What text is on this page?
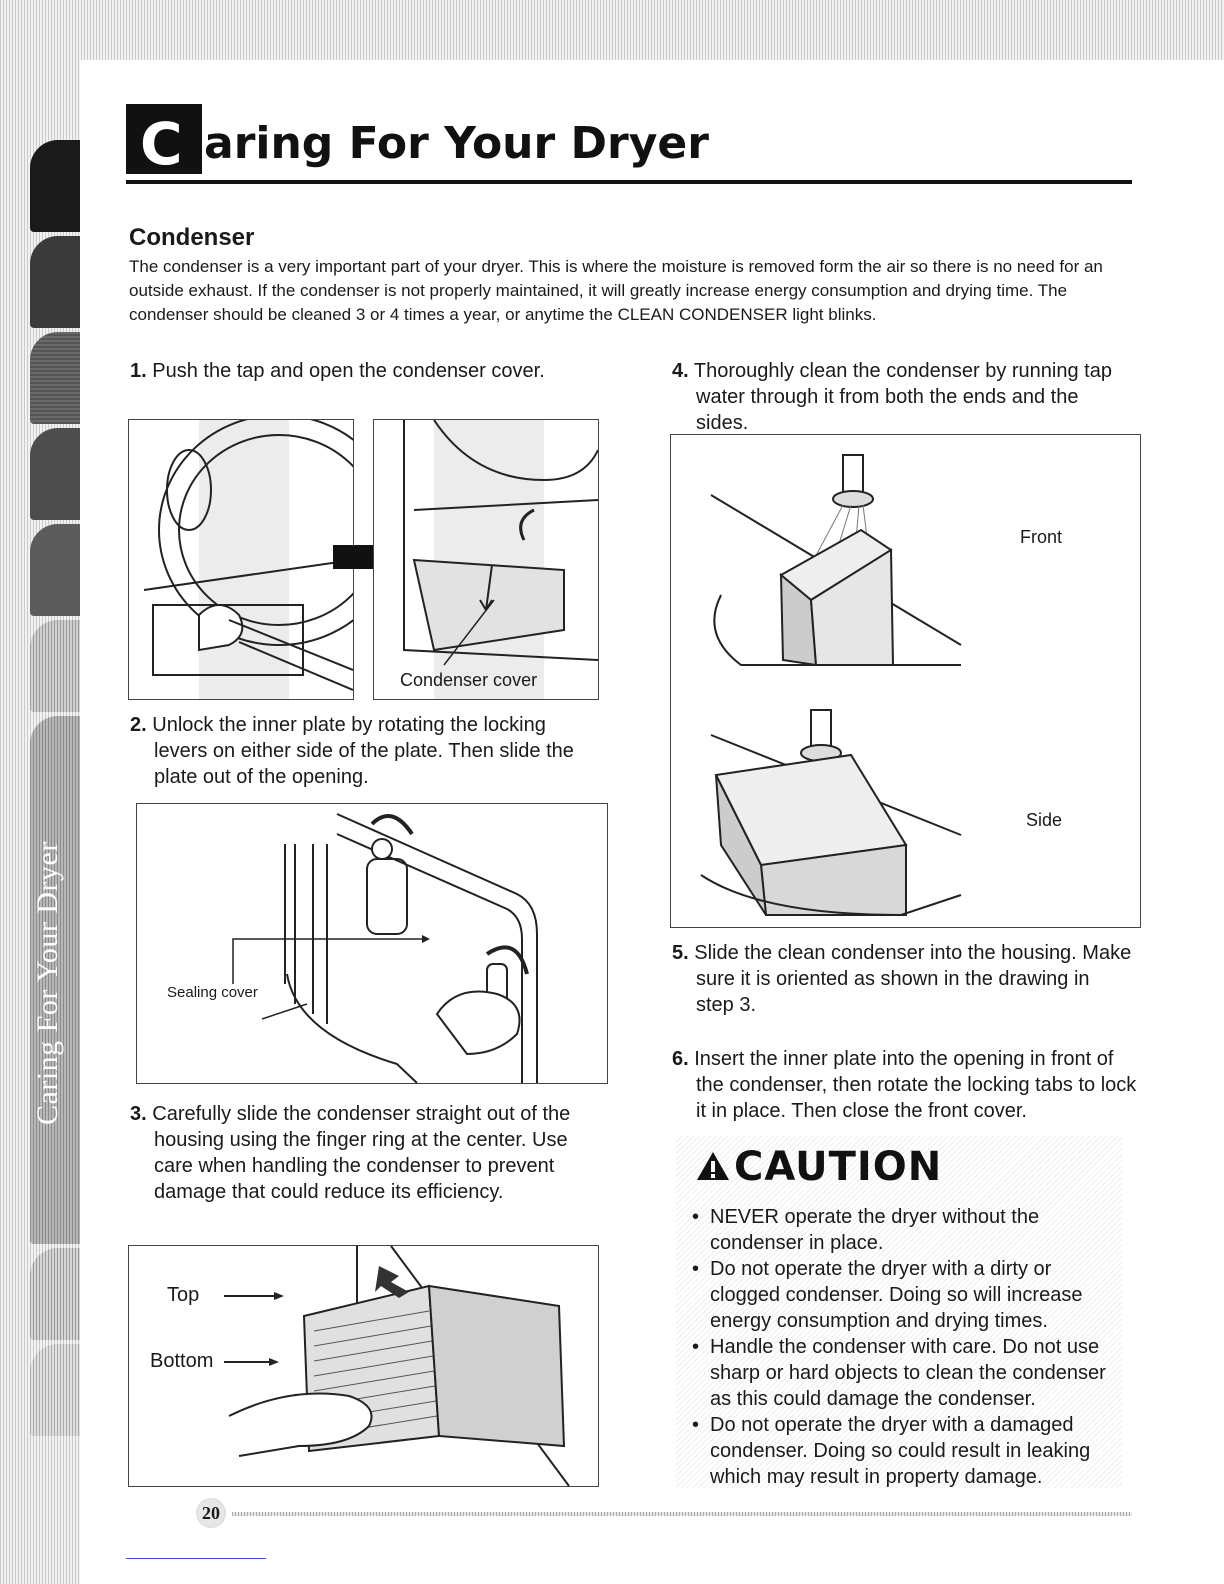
Caring For Your Dryer
C aring For Your Dryer
Condenser
The condenser is a very important part of your dryer. This is where the moisture is removed form the air so there is no need for an outside exhaust. If the condenser is not properly maintained, it will greatly increase energy consumption and drying time. The condenser should be cleaned 3 or 4 times a year, or anytime the CLEAN CONDENSER light blinks.
1. Push the tap and open the condenser cover.
Condenser cover
2. Unlock the inner plate by rotating the locking levers on either side of the plate. Then slide the plate out of the opening.
Sealing cover
3. Carefully slide the condenser straight out of the housing using the finger ring at the center. Use care when handling the condenser to prevent damage that could reduce its efficiency.
Top
Bottom
4. Thoroughly clean the condenser by running tap water through it from both the ends and the sides.
Front
Side
5. Slide the clean condenser into the housing. Make sure it is oriented as shown in the drawing in step 3.
6. Insert the inner plate into the opening in front of the condenser, then rotate the locking tabs to lock it in place. Then close the front cover.
CAUTION
• NEVER operate the dryer without the condenser in place.
• Do not operate the dryer with a dirty or clogged condenser. Doing so will increase energy consumption and drying times.
• Handle the condenser with care. Do not use sharp or hard objects to clean the condenser as this could damage the condenser.
• Do not operate the dryer with a damaged condenser. Doing so could result in leaking which may result in property damage.
20
